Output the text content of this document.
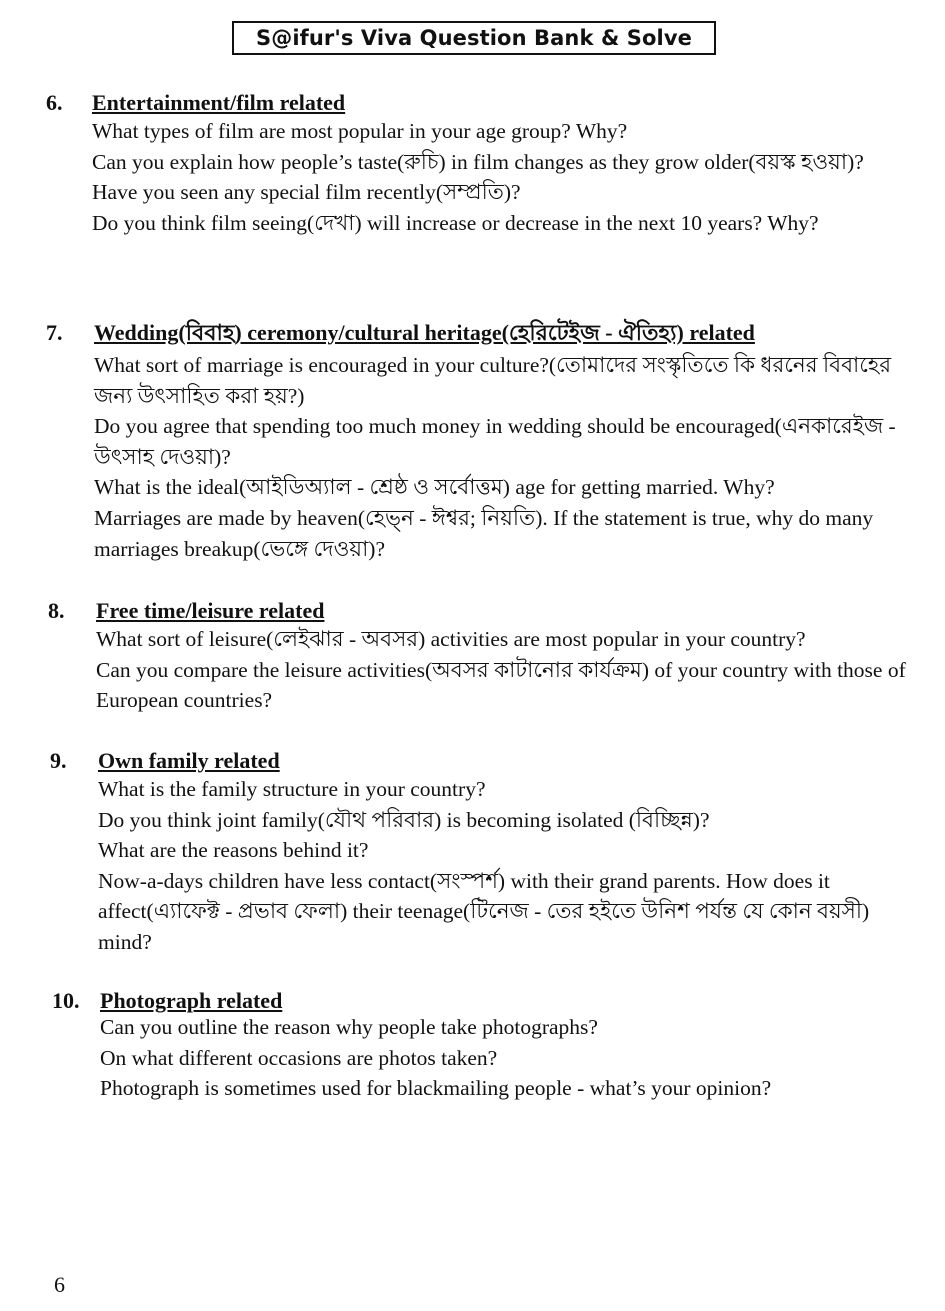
S@ifur's Viva Question Bank & Solve
6. Entertainment/film related
What types of film are most popular in your age group? Why?
Can you explain how people’s taste(রুচি) in film changes as they grow older(বয়স্ক হওয়া)?
Have you seen any special film recently(সম্প্রতি)?
Do you think film seeing(দেখা) will increase or decrease in the next 10 years? Why?
7. Wedding(বিবাহ) ceremony/cultural heritage(হেরিটেইজ - ঐতিহ্য) related
What sort of marriage is encouraged in your culture?(তোমাদের সংস্কৃতিতে কি ধরনের বিবাহের জন্য উৎসাহিত করা হয়?)
Do you agree that spending too much money in wedding should be encouraged(এনকারেইজ - উৎসাহ দেওয়া)?
What is the ideal(আইডিঅ্যাল - শ্রেষ্ঠ ও সর্বোত্তম) age for getting married. Why?
Marriages are made by heaven(হেভ্ন - ঈশ্বর; নিয়তি). If the statement is true, why do many marriages breakup(ভেঙ্গে দেওয়া)?
8. Free time/leisure related
What sort of leisure(লেইঝার - অবসর) activities are most popular in your country?
Can you compare the leisure activities(অবসর কাটানোর কার্যক্রম) of your country with those of European countries?
9. Own family related
What is the family structure in your country?
Do you think joint family(যৌথ পরিবার) is becoming isolated (বিচ্ছিন্ন)?
What are the reasons behind it?
Now-a-days children have less contact(সংস্পর্শ) with their grand parents. How does it affect(এ্যাফেক্ট - প্রভাব ফেলা) their teenage(টিনেজ - তের হইতে উনিশ পর্যন্ত যে কোন বয়সী) mind?
10. Photograph related
Can you outline the reason why people take photographs?
On what different occasions are photos taken?
Photograph is sometimes used for blackmailing people - what’s your opinion?
6
